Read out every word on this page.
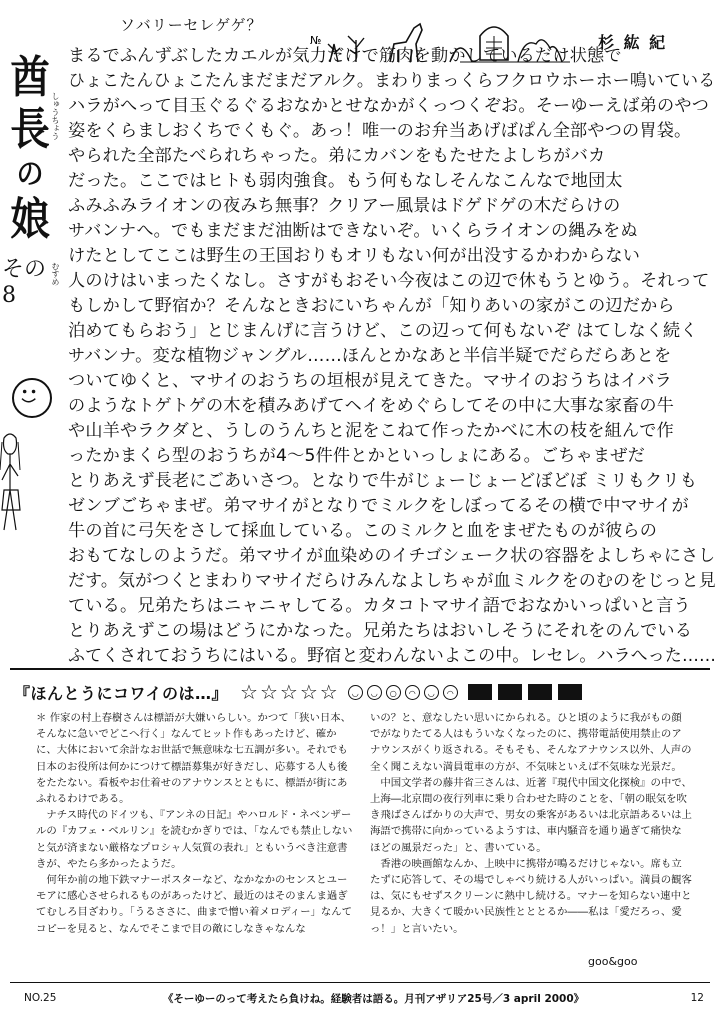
ソバリーセレゲゲ？
№	杉 紘 紀
酋
長
の
娘
その8
しゅうちょう
むすめ
まるでふんずぶしたカエルが気力だけで筋肉を動かしているだけ状態で
ひょこたんひょこたんまだまだアルク。まわりまっくらフクロウホーホー鳴いている
ハラがへって目玉ぐるぐるおなかとせなかがくっつくぞお。そーゆーえば弟のやつ
姿をくらましおくちでくもぐ。あっ！唯一のお弁当あげばぱん全部やつの胃袋。
やられた全部たべられちゃった。弟にカバンをもたせたよしちがバカ
だった。ここではヒトも弱肉強食。もう何もなしそんなこんなで地団太
ふみふみライオンの夜みち無事？クリアー風景はドゲドゲの木だらけの
サバンナへ。でもまだまだ油断はできないぞ。いくらライオンの縄みをぬ
けたとしてここは野生の王国おりもオリもない何が出没するかわからない
人のけはいまったくなし。さすがもおそい今夜はこの辺で休もうとゆう。それって
もしかして野宿か？そんなときおにいちゃんが「知りあいの家がこの辺だから
泊めてもらおう」とじまんげに言うけど、この辺って何もないぞ はてしなく続く
サバンナ。変な植物ジャングル……ほんとかなあと半信半疑でだらだらあとを
ついてゆくと、マサイのおうちの垣根が見えてきた。マサイのおうちはイバラ
のようなトゲトゲの木を積みあげてヘイをめぐらしてその中に大事な家畜の牛
や山羊やラクダと、うしのうんちと泥をこねて作ったかべに木の枝を組んで作
ったかまくら型のおうちが4〜5件件とかといっしょにある。ごちゃまぜだ
とりあえず長老にごあいさつ。となりで牛がじょーじょーどぼどぼ ミリもクリも
ゼンブごちゃまぜ。弟マサイがとなりでミルクをしぼってるその横で中マサイが
牛の首に弓矢をさして採血している。このミルクと血をまぜたものが彼らの
おもてなしのようだ。弟マサイが血染めのイチゴシェーク状の容器をよしちゃにさし
だす。気がつくとまわりマサイだらけみんなよしちゃが血ミルクをのむのをじっと見
ている。兄弟たちはニャニャしてる。カタコトマサイ語でおなかいっぱいと言う
とりあえずこの場はどうにかなった。兄弟たちはおいしそうにそれをのんでいる
ふてくされておうちにはいる。野宿と変わんないよこの中。レセレ。ハラへった……
『ほんとうにコワイのは…』 ☆ ☆ ☆ ☆ ☆	◡	◡	○	◠	◡	◠

＊ 作家の村上春樹さんは標語が大嫌いらしい。かつて「狭い日本、そんなに急いでどこへ行く」なんてヒット作もあったけど、確かに、大体において余計なお世話で無意味な七五調が多い。それでも日本のお役所は何かにつけて標語募集が好きだし、応募する人も後をたたない。看板やお仕着せのアナウンスとともに、標語が街にあふれるわけである。

ナチス時代のドイツも、『アンネの日記』やハロルド・ネベンザールの『カフェ・ベルリン』を読むかぎりでは、「なんでも禁止しないと気が済まない厳格なプロシャ人気質の表れ」ともいうべき注意書きが、やたら多かったようだ。

何年か前の地下鉄マナーポスターなど、なかなかのセンスとユーモアに感心させられるものがあったけど、最近のはそのまんま過ぎてむしろ目ざわり。「うるささに、曲まで憎い着メロディー」なんてコピーを見ると、なんでそこまで目の敵にしなきゃなんな

いの？と、意なしたい思いにかられる。ひと頃のように我がもの顔でがなりたてる人はもういなくなったのに、携帯電話使用禁止のアナウンスがくり返される。そもそも、そんなアナウンス以外、人声の全く聞こえない満員電車の方が、不気味といえば不気味な光景だ。

中国文学者の藤井省三さんは、近著『現代中国文化探検』の中で、上海―北京間の夜行列車に乗り合わせた時のことを、「朝の眠気を吹き飛ばさんばかりの大声で、男女の乗客があるいは北京語あるいは上海語で携帯に向かっているようすは、車内騒音を通り過ぎて痛快なほどの風景だった」と、書いている。

香港の映画館なんか、上映中に携帯が鳴るだけじゃない。席も立たずに応答して、その場でしゃべり続ける人がいっぱい。満員の観客は、気にもせずスクリーンに熱中し続ける。マナーを知らない連中と見るか、大きくて暖かい民族性とととるか――私は「愛だろっ、愛っ！」と言いたい。

goo&goo
NO.25	《そーゆーのって考えたら負けね。経験者は語る。月刊アザリア25号／3 april 2000》	12
